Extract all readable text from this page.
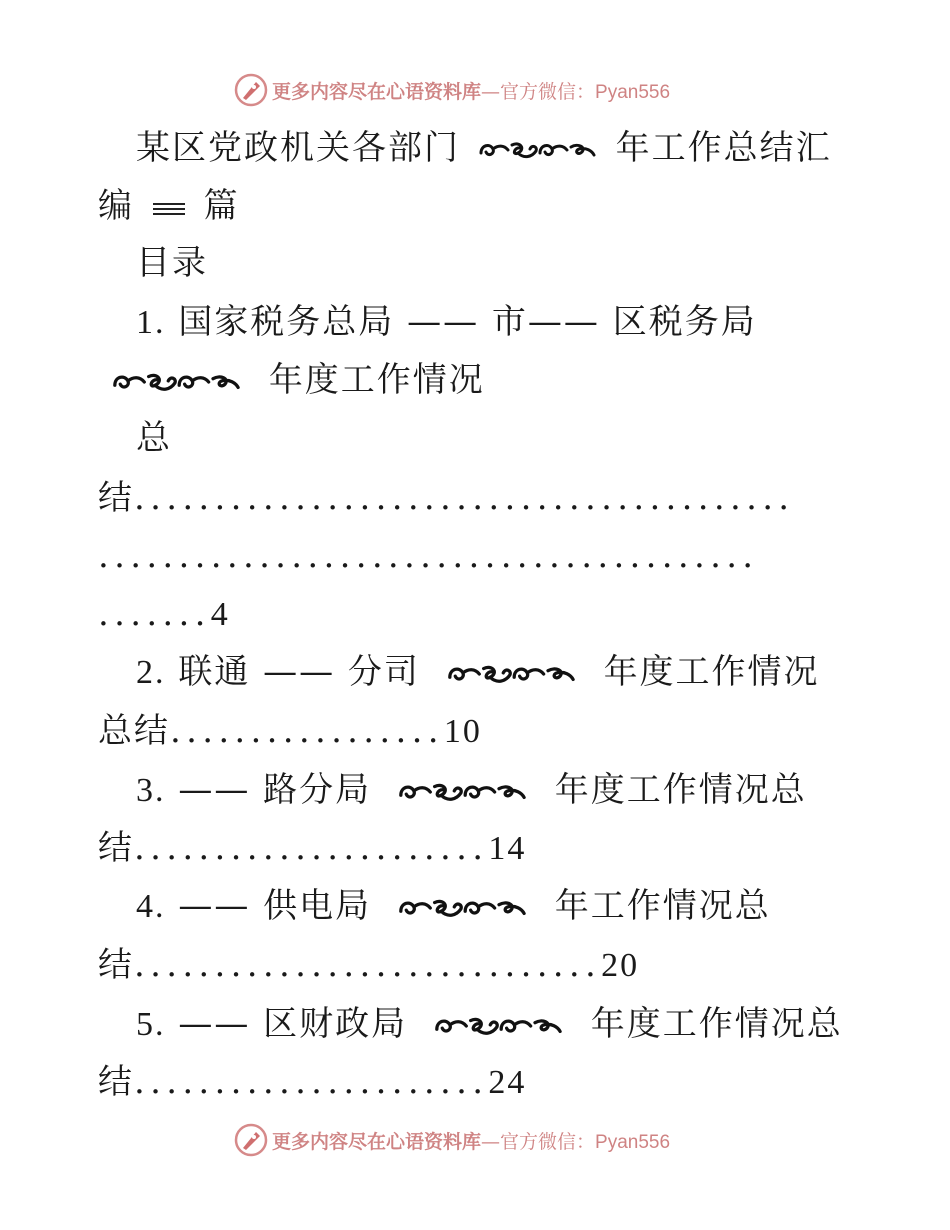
更多内容尽在心语资料库—官方微信：Pyan556
某区党政机关各部门	年工作总结汇
编 篇
目录
1. 国家税务总局 —— 市—— 区税务局
年度工作情况
总
结.........................................
.........................................
.......4
2. 联通 —— 分司	年度工作情况
总结.................10
3. —— 路分局	年度工作情况总
结......................14
4. —— 供电局	年工作情况总
结.............................20
5. —— 区财政局	年度工作情况总
结......................24
更多内容尽在心语资料库—官方微信：Pyan556
